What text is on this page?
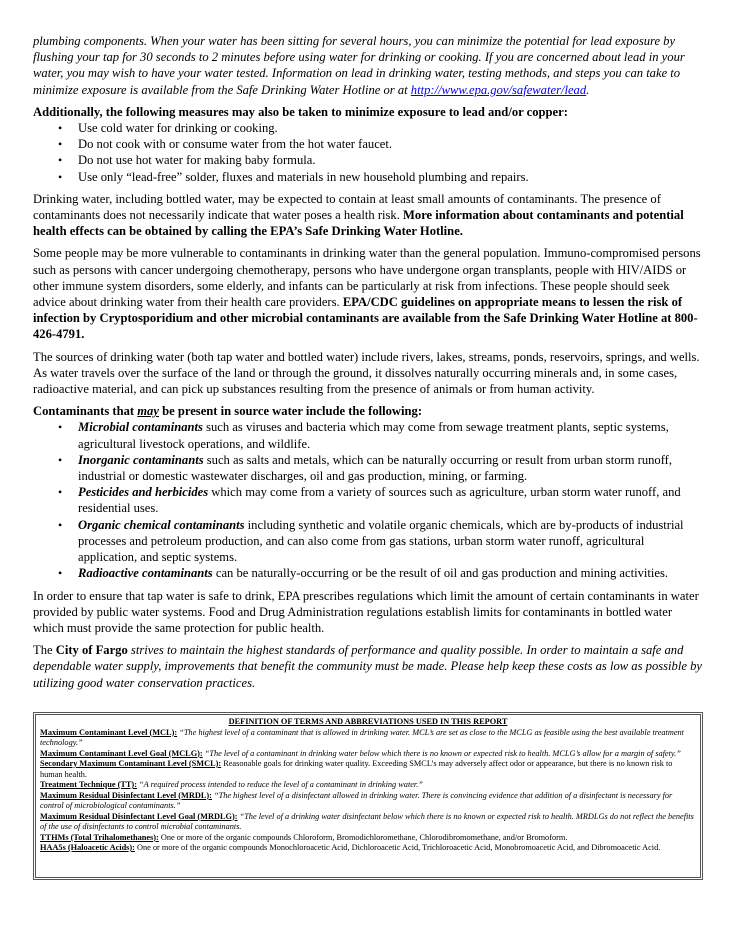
plumbing components. When your water has been sitting for several hours, you can minimize the potential for lead exposure by flushing your tap for 30 seconds to 2 minutes before using water for drinking or cooking. If you are concerned about lead in your water, you may wish to have your water tested. Information on lead in drinking water, testing methods, and steps you can take to minimize exposure is available from the Safe Drinking Water Hotline or at http://www.epa.gov/safewater/lead.

Additionally, the following measures may also be taken to minimize exposure to lead and/or copper:

• Use cold water for drinking or cooking.
• Do not cook with or consume water from the hot water faucet.
• Do not use hot water for making baby formula.
• Use only “lead-free” solder, fluxes and materials in new household plumbing and repairs.

Drinking water, including bottled water, may be expected to contain at least small amounts of contaminants. The presence of contaminants does not necessarily indicate that water poses a health risk. More information about contaminants and potential health effects can be obtained by calling the EPA’s Safe Drinking Water Hotline.

Some people may be more vulnerable to contaminants in drinking water than the general population. Immuno-compromised persons such as persons with cancer undergoing chemotherapy, persons who have undergone organ transplants, people with HIV/AIDS or other immune system disorders, some elderly, and infants can be particularly at risk from infections. These people should seek advice about drinking water from their health care providers. EPA/CDC guidelines on appropriate means to lessen the risk of infection by Cryptosporidium and other microbial contaminants are available from the Safe Drinking Water Hotline at 800-426-4791.

The sources of drinking water (both tap water and bottled water) include rivers, lakes, streams, ponds, reservoirs, springs, and wells. As water travels over the surface of the land or through the ground, it dissolves naturally occurring minerals and, in some cases, radioactive material, and can pick up substances resulting from the presence of animals or from human activity.

Contaminants that may be present in source water include the following:

• Microbial contaminants such as viruses and bacteria which may come from sewage treatment plants, septic systems, agricultural livestock operations, and wildlife.
• Inorganic contaminants such as salts and metals, which can be naturally occurring or result from urban storm runoff, industrial or domestic wastewater discharges, oil and gas production, mining, or farming.
• Pesticides and herbicides which may come from a variety of sources such as agriculture, urban storm water runoff, and residential uses.
• Organic chemical contaminants including synthetic and volatile organic chemicals, which are by-products of industrial processes and petroleum production, and can also come from gas stations, urban storm water runoff, agricultural application, and septic systems.
• Radioactive contaminants can be naturally-occurring or be the result of oil and gas production and mining activities.

In order to ensure that tap water is safe to drink, EPA prescribes regulations which limit the amount of certain contaminants in water provided by public water systems. Food and Drug Administration regulations establish limits for contaminants in bottled water which must provide the same protection for public health.

The City of Fargo strives to maintain the highest standards of performance and quality possible. In order to maintain a safe and dependable water supply, improvements that benefit the community must be made. Please help keep these costs as low as possible by utilizing good water conservation practices.

DEFINITION OF TERMS AND ABBREVIATIONS USED IN THIS REPORT

Maximum Contaminant Level (MCL): “The highest level of a contaminant that is allowed in drinking water. MCL’s are set as close to the MCLG as feasible using the best available treatment technology.”

Maximum Contaminant Level Goal (MCLG): “The level of a contaminant in drinking water below which there is no known or expected risk to health. MCLG’s allow for a margin of safety.”

Secondary Maximum Contaminant Level (SMCL): Reasonable goals for drinking water quality. Exceeding SMCL’s may adversely affect odor or appearance, but there is no known risk to human health.

Treatment Technique (TT): “A required process intended to reduce the level of a contaminant in drinking water.”

Maximum Residual Disinfectant Level (MRDL): “The highest level of a disinfectant allowed in drinking water. There is convincing evidence that addition of a disinfectant is necessary for control of microbiological contaminants.”

Maximum Residual Disinfectant Level Goal (MRDLG): “The level of a drinking water disinfectant below which there is no known or expected risk to health. MRDLGs do not reflect the benefits of the use of disinfectants to control microbial contaminants.

TTHMs (Total Trihalomethanes): One or more of the organic compounds Chloroform, Bromodichloromethane, Chlorodibromomethane, and/or Bromoform.

HAA5s (Haloacetic Acids): One or more of the organic compounds Monochloroacetic Acid, Dichloroacetic Acid, Trichloroacetic Acid, Monobromoacetic Acid, and Dibromoacetic Acid.
